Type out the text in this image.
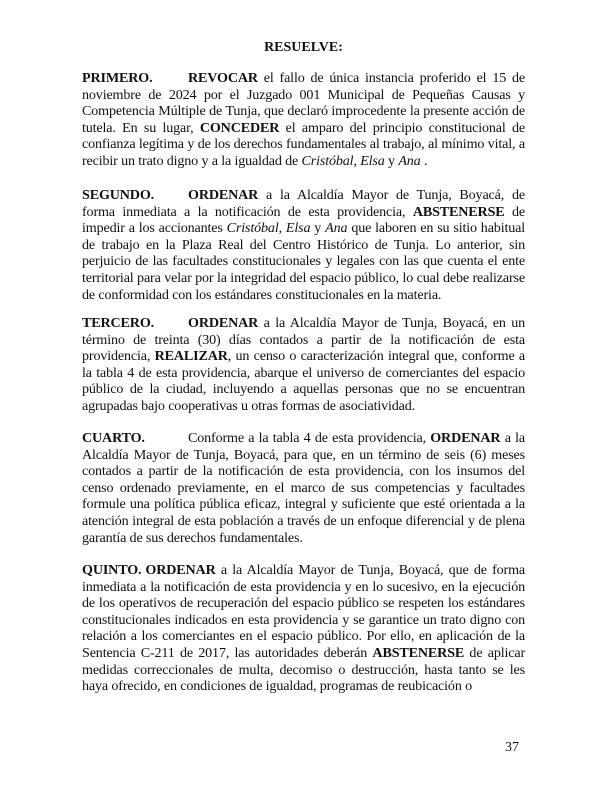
RESUELVE:

PRIMERO.	REVOCAR el fallo de única instancia proferido el 15 de noviembre de 2024 por el Juzgado 001 Municipal de Pequeñas Causas y Competencia Múltiple de Tunja, que declaró improcedente la presente acción de tutela. En su lugar, CONCEDER el amparo del principio constitucional de confianza legítima y de los derechos fundamentales al trabajo, al mínimo vital, a recibir un trato digno y a la igualdad de Cristóbal, Elsa y Ana .

SEGUNDO. ORDENAR a la Alcaldía Mayor de Tunja, Boyacá, de forma inmediata a la notificación de esta providencia, ABSTENERSE de impedir a los accionantes Cristóbal, Elsa y Ana que laboren en su sitio habitual de trabajo en la Plaza Real del Centro Histórico de Tunja. Lo anterior, sin perjuicio de las facultades constitucionales y legales con las que cuenta el ente territorial para velar por la integridad del espacio público, lo cual debe realizarse de conformidad con los estándares constitucionales en la materia.

TERCERO. ORDENAR a la Alcaldía Mayor de Tunja, Boyacá, en un término de treinta (30) días contados a partir de la notificación de esta providencia, REALIZAR, un censo o caracterización integral que, conforme a la tabla 4 de esta providencia, abarque el universo de comerciantes del espacio público de la ciudad, incluyendo a aquellas personas que no se encuentran agrupadas bajo cooperativas u otras formas de asociatividad.

CUARTO.	Conforme a la tabla 4 de esta providencia, ORDENAR a la Alcaldía Mayor de Tunja, Boyacá, para que, en un término de seis (6) meses contados a partir de la notificación de esta providencia, con los insumos del censo ordenado previamente, en el marco de sus competencias y facultades formule una política pública eficaz, integral y suficiente que esté orientada a la atención integral de esta población a través de un enfoque diferencial y de plena garantía de sus derechos fundamentales.

QUINTO. ORDENAR a la Alcaldía Mayor de Tunja, Boyacá, que de forma inmediata a la notificación de esta providencia y en lo sucesivo, en la ejecución de los operativos de recuperación del espacio público se respeten los estándares constitucionales indicados en esta providencia y se garantice un trato digno con relación a los comerciantes en el espacio público. Por ello, en aplicación de la Sentencia C-211 de 2017, las autoridades deberán ABSTENERSE de aplicar medidas correccionales de multa, decomiso o destrucción, hasta tanto se les haya ofrecido, en condiciones de igualdad, programas de reubicación o

37
